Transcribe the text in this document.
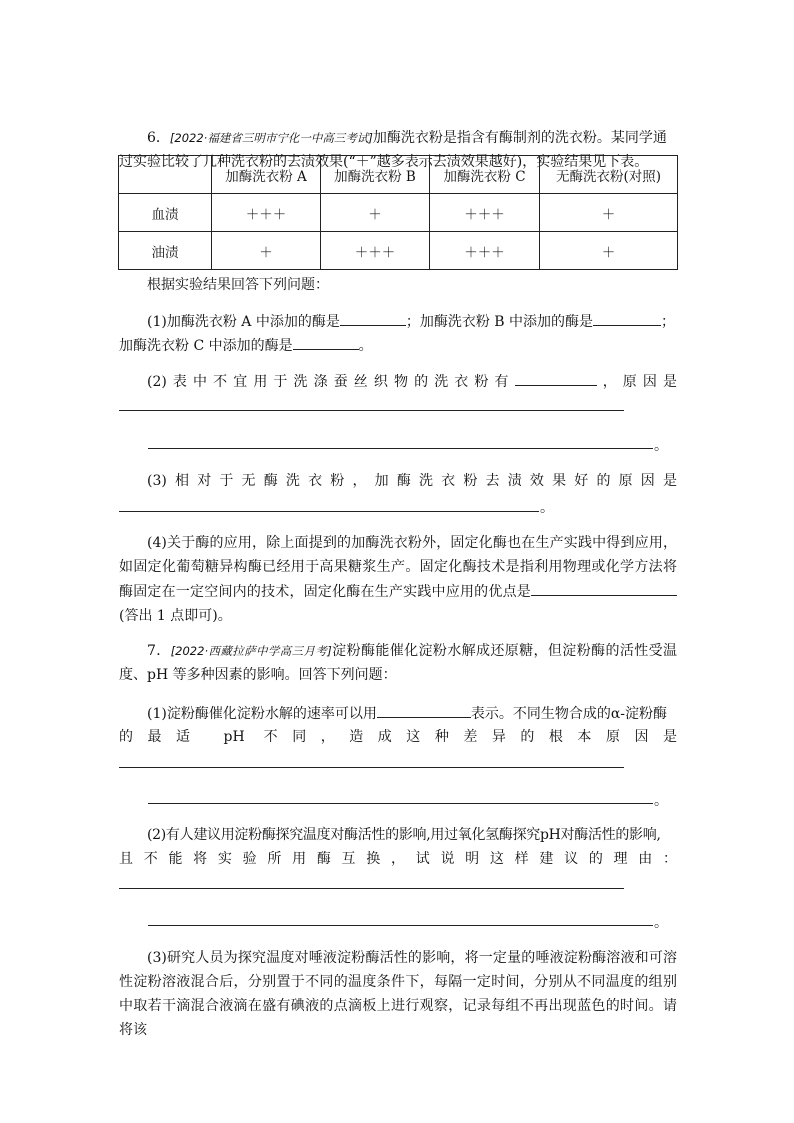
6．[2022·福建省三明市宁化一中高三考试]加酶洗衣粉是指含有酶制剂的洗衣粉。某同学通过实验比较了几种洗衣粉的去渍效果(“＋”越多表示去渍效果越好)，实验结果见下表。

	加酶洗衣粉 A	加酶洗衣粉 B	加酶洗衣粉 C	无酶洗衣粉(对照)
血渍	＋＋＋	＋	＋＋＋	＋
油渍	＋	＋＋＋	＋＋＋	＋

根据实验结果回答下列问题：

(1)加酶洗衣粉 A 中添加的酶是	；加酶洗衣粉 B 中添加的酶是	；

加酶洗衣粉 C 中添加的酶是	。

(2)表中不宜用于洗涤蚕丝织物的洗衣粉有	，原因是

。

(3)相对于无酶洗衣粉，加酶洗衣粉去渍效果好的原因是

。

(4)关于酶的应用，除上面提到的加酶洗衣粉外，固定化酶也在生产实践中得到应用，如固定化葡萄糖异构酶已经用于高果糖浆生产。固定化酶技术是指利用物理或化学方法将酶固定在一定空间内的技术，固定化酶在生产实践中应用的优点是(答出 1 点即可)。

7．[2022·西藏拉萨中学高三月考]淀粉酶能催化淀粉水解成还原糖，但淀粉酶的活性受温度、pH 等多种因素的影响。回答下列问题：

(1)淀粉酶催化淀粉水解的速率可以用	表示。不同生物合成的α-淀粉酶

的最适 pH 不同，造成这种差异的根本原因是

。

(2)有人建议用淀粉酶探究温度对酶活性的影响,用过氧化氢酶探究pH对酶活性的影响,

且不能将实验所用酶互换，试说明这样建议的理由：

。

(3)研究人员为探究温度对唾液淀粉酶活性的影响，将一定量的唾液淀粉酶溶液和可溶性淀粉溶液混合后，分别置于不同的温度条件下，每隔一定时间，分别从不同温度的组别中取若干滴混合液滴在盛有碘液的点滴板上进行观察，记录每组不再出现蓝色的时间。请将该
